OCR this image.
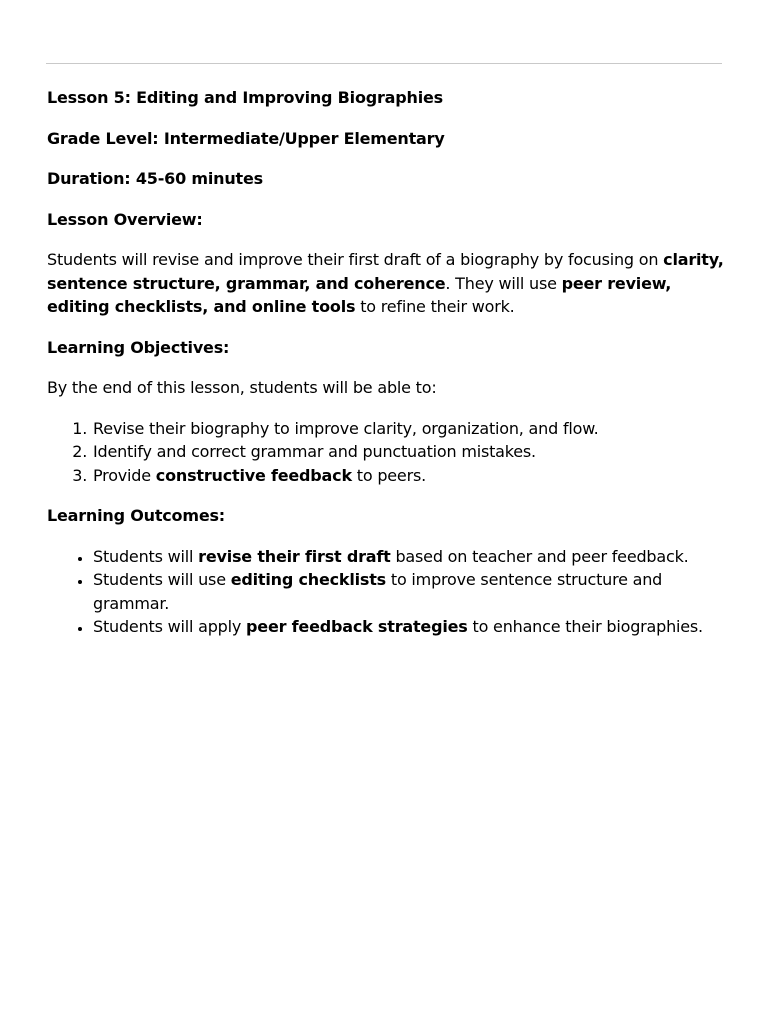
Lesson 5: Editing and Improving Biographies

Grade Level: Intermediate/Upper Elementary

Duration: 45-60 minutes

Lesson Overview:

Students will revise and improve their first draft of a biography by focusing on clarity, sentence structure, grammar, and coherence. They will use peer review, editing checklists, and online tools to refine their work.

Learning Objectives:

By the end of this lesson, students will be able to:

1. Revise their biography to improve clarity, organization, and flow.
2. Identify and correct grammar and punctuation mistakes.
3. Provide constructive feedback to peers.

Learning Outcomes:

• Students will revise their first draft based on teacher and peer feedback.
• Students will use editing checklists to improve sentence structure and grammar.
• Students will apply peer feedback strategies to enhance their biographies.
